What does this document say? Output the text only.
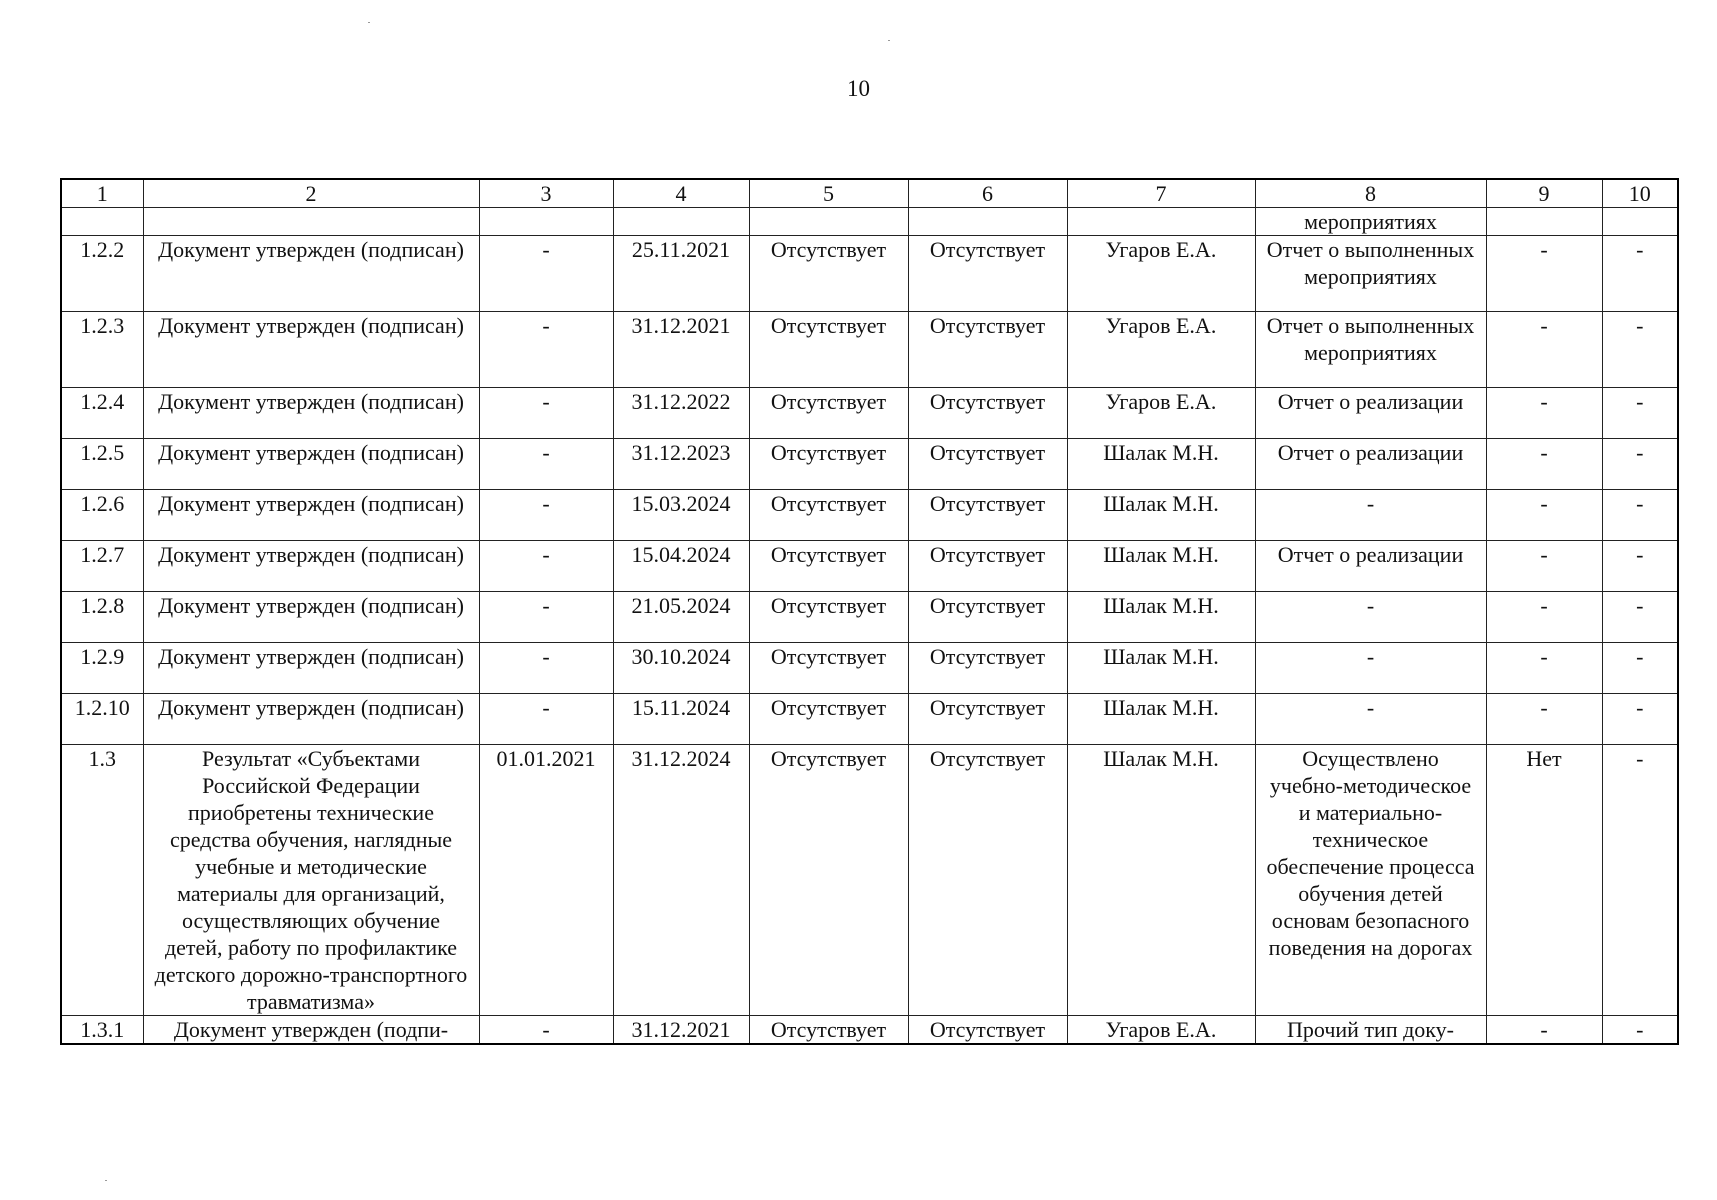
10
1	2	3	4	5	6	7	8	9	10
							мероприятиях		
1.2.2	Документ утвержден (подписан)	-	25.11.2021	Отсутствует	Отсутствует	Угаров Е.А.	Отчет о выполненных мероприятиях	-	-
1.2.3	Документ утвержден (подписан)	-	31.12.2021	Отсутствует	Отсутствует	Угаров Е.А.	Отчет о выполненных мероприятиях	-	-
1.2.4	Документ утвержден (подписан)	-	31.12.2022	Отсутствует	Отсутствует	Угаров Е.А.	Отчет о реализации	-	-
1.2.5	Документ утвержден (подписан)	-	31.12.2023	Отсутствует	Отсутствует	Шалак М.Н.	Отчет о реализации	-	-
1.2.6	Документ утвержден (подписан)	-	15.03.2024	Отсутствует	Отсутствует	Шалак М.Н.	-	-	-
1.2.7	Документ утвержден (подписан)	-	15.04.2024	Отсутствует	Отсутствует	Шалак М.Н.	Отчет о реализации	-	-
1.2.8	Документ утвержден (подписан)	-	21.05.2024	Отсутствует	Отсутствует	Шалак М.Н.	-	-	-
1.2.9	Документ утвержден (подписан)	-	30.10.2024	Отсутствует	Отсутствует	Шалак М.Н.	-	-	-
1.2.10	Документ утвержден (подписан)	-	15.11.2024	Отсутствует	Отсутствует	Шалак М.Н.	-	-	-
1.3	Результат «Субъектами Российской Федерации приобретены технические средства обучения, наглядные учебные и методические материалы для организаций, осуществляющих обучение детей, работу по профилактике детского дорожно-транспортного травматизма»	01.01.2021	31.12.2024	Отсутствует	Отсутствует	Шалак М.Н.	Осуществлено учебно-методическое и материально-техническое обеспечение процесса обучения детей основам безопасного поведения на дорогах	Нет	-
1.3.1	Документ утвержден (подпи-	-	31.12.2021	Отсутствует	Отсутствует	Угаров Е.А.	Прочий тип доку-	-	-
